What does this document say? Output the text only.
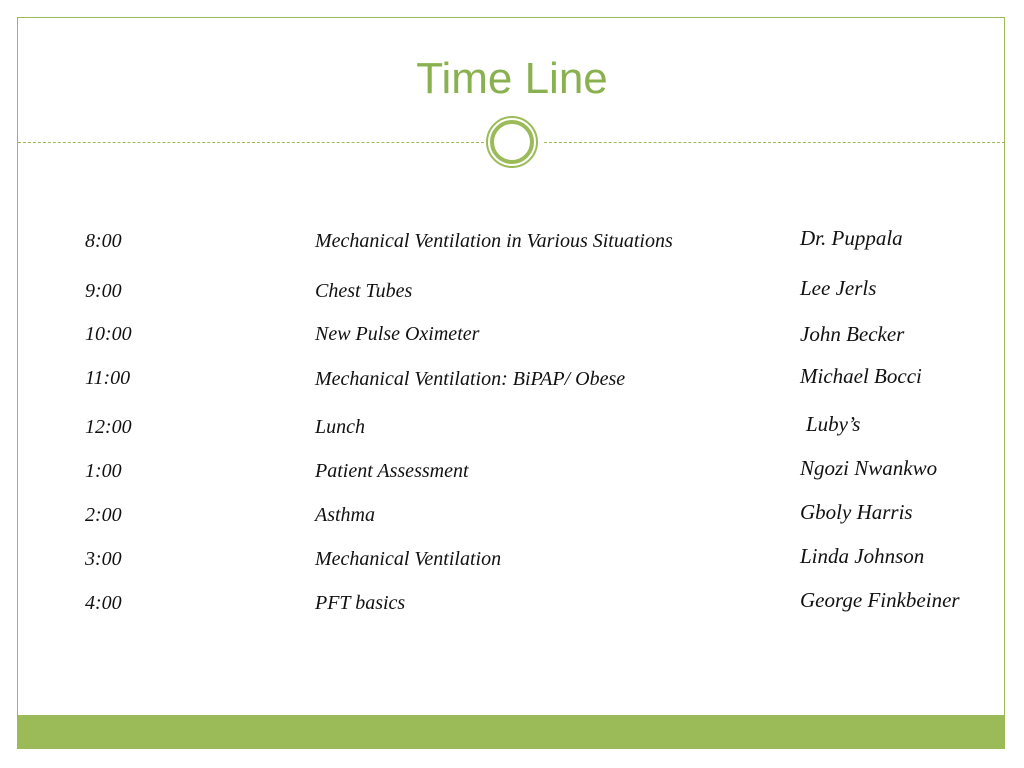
Time Line
8:00	Mechanical Ventilation in Various Situations	Dr. Puppala
9:00	Chest Tubes	Lee Jerls
10:00	New Pulse Oximeter	John Becker
11:00	Mechanical Ventilation: BiPAP/ Obese	Michael Bocci
12:00	Lunch	Luby’s
1:00	Patient Assessment	Ngozi Nwankwo
2:00	Asthma	Gboly Harris
3:00	Mechanical Ventilation	Linda Johnson
4:00	PFT basics	George Finkbeiner
